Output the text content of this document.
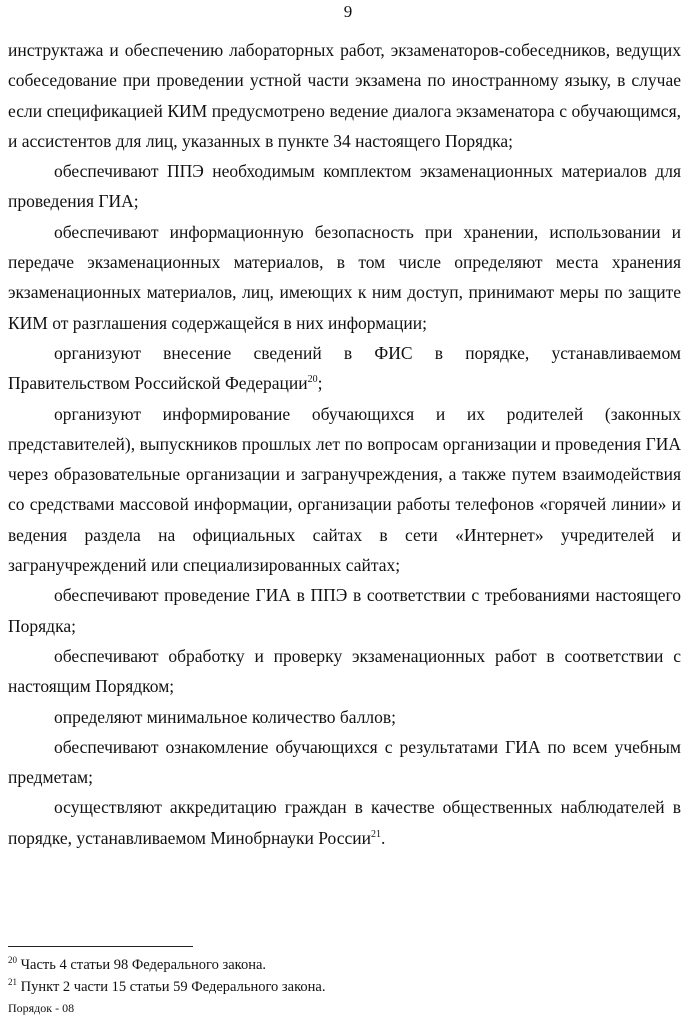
9

инструктажа и обеспечению лабораторных работ, экзаменаторов-собеседников, ведущих собеседование при проведении устной части экзамена по иностранному языку, в случае если спецификацией КИМ предусмотрено ведение диалога экзаменатора с обучающимся, и ассистентов для лиц, указанных в пункте 34 настоящего Порядка;

обеспечивают ППЭ необходимым комплектом экзаменационных материалов для проведения ГИА;

обеспечивают информационную безопасность при хранении, использовании и передаче экзаменационных материалов, в том числе определяют места хранения экзаменационных материалов, лиц, имеющих к ним доступ, принимают меры по защите КИМ от разглашения содержащейся в них информации;

организуют внесение сведений в ФИС в порядке, устанавливаемом Правительством Российской Федерации$^{20}$;

организуют информирование обучающихся и их родителей (законных представителей), выпускников прошлых лет по вопросам организации и проведения ГИА через образовательные организации и загранучреждения, а также путем взаимодействия со средствами массовой информации, организации работы телефонов «горячей линии» и ведения раздела на официальных сайтах в сети «Интернет» учредителей и загранучреждений или специализированных сайтах;

обеспечивают проведение ГИА в ППЭ в соответствии с требованиями настоящего Порядка;

обеспечивают обработку и проверку экзаменационных работ в соответствии с настоящим Порядком;

определяют минимальное количество баллов;

обеспечивают ознакомление обучающихся с результатами ГИА по всем учебным предметам;

осуществляют аккредитацию граждан в качестве общественных наблюдателей в порядке, устанавливаемом Минобрнауки России$^{21}$.

$^{20}$ Часть 4 статьи 98 Федерального закона.
$^{21}$ Пункт 2 части 15 статьи 59 Федерального закона.
Порядок - 08
